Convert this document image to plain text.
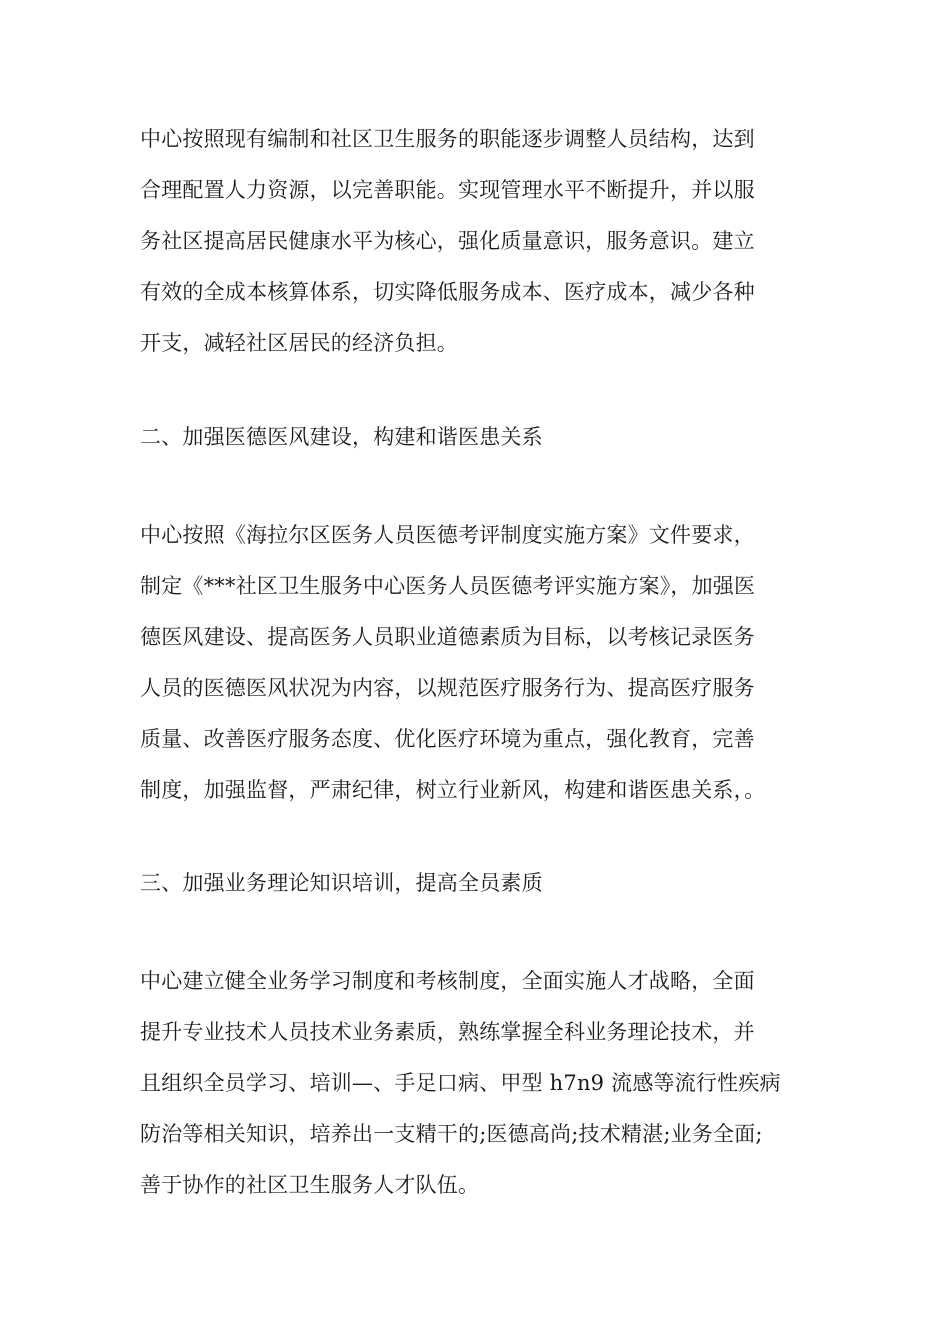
中心按照现有编制和社区卫生服务的职能逐步调整人员结构，达到
合理配置人力资源，以完善职能。实现管理水平不断提升，并以服
务社区提高居民健康水平为核心，强化质量意识，服务意识。建立
有效的全成本核算体系，切实降低服务成本、医疗成本，减少各种
开支，减轻社区居民的经济负担。
二、加强医德医风建设，构建和谐医患关系
中心按照《海拉尔区医务人员医德考评制度实施方案》文件要求，
制定《***社区卫生服务中心医务人员医德考评实施方案》，加强医
德医风建设、提高医务人员职业道德素质为目标，以考核记录医务
人员的医德医风状况为内容，以规范医疗服务行为、提高医疗服务
质量、改善医疗服务态度、优化医疗环境为重点，强化教育，完善
制度，加强监督，严肃纪律，树立行业新风，构建和谐医患关系，。
三、加强业务理论知识培训，提高全员素质
中心建立健全业务学习制度和考核制度，全面实施人才战略，全面
提升专业技术人员技术业务素质，熟练掌握全科业务理论技术，并
且组织全员学习、培训—、手足口病、甲型 h7n9 流感等流行性疾病
防治等相关知识，培养出一支精干的;医德高尚;技术精湛;业务全面;
善于协作的社区卫生服务人才队伍。
